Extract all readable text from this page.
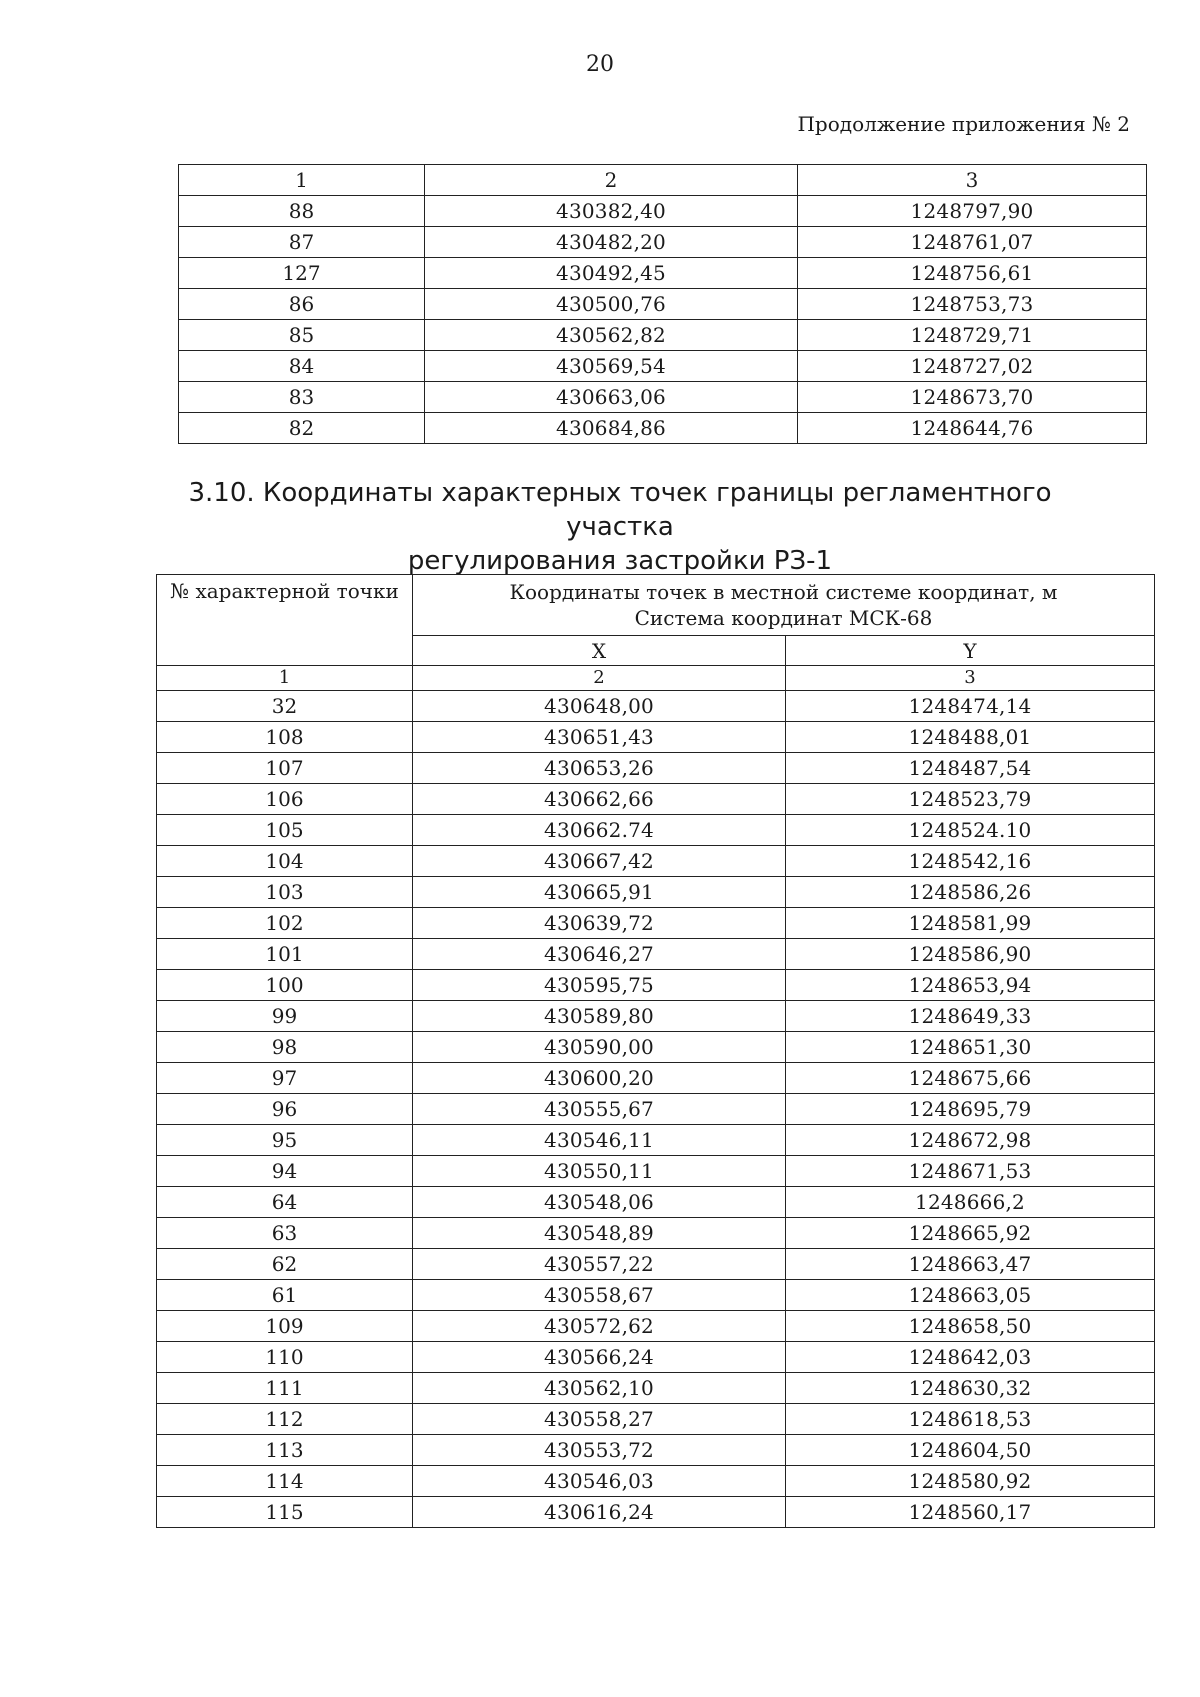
20
Продолжение приложения № 2
1	2	3
88	430382,40	1248797,90
87	430482,20	1248761,07
127	430492,45	1248756,61
86	430500,76	1248753,73
85	430562,82	1248729,71
84	430569,54	1248727,02
83	430663,06	1248673,70
82	430684,86	1248644,76
3.10. Координаты характерных точек границы регламентного участка
регулирования застройки РЗ-1
№ характерной точки	Координаты точек в местной системе координат, м
Система координат МСК-68	

	X	Y
1	2	3
32	430648,00	1248474,14
108	430651,43	1248488,01
107	430653,26	1248487,54
106	430662,66	1248523,79
105	430662.74	1248524.10
104	430667,42	1248542,16
103	430665,91	1248586,26
102	430639,72	1248581,99
101	430646,27	1248586,90
100	430595,75	1248653,94
99	430589,80	1248649,33
98	430590,00	1248651,30
97	430600,20	1248675,66
96	430555,67	1248695,79
95	430546,11	1248672,98
94	430550,11	1248671,53
64	430548,06	1248666,2
63	430548,89	1248665,92
62	430557,22	1248663,47
61	430558,67	1248663,05
109	430572,62	1248658,50
110	430566,24	1248642,03
111	430562,10	1248630,32
112	430558,27	1248618,53
113	430553,72	1248604,50
114	430546,03	1248580,92
115	430616,24	1248560,17
